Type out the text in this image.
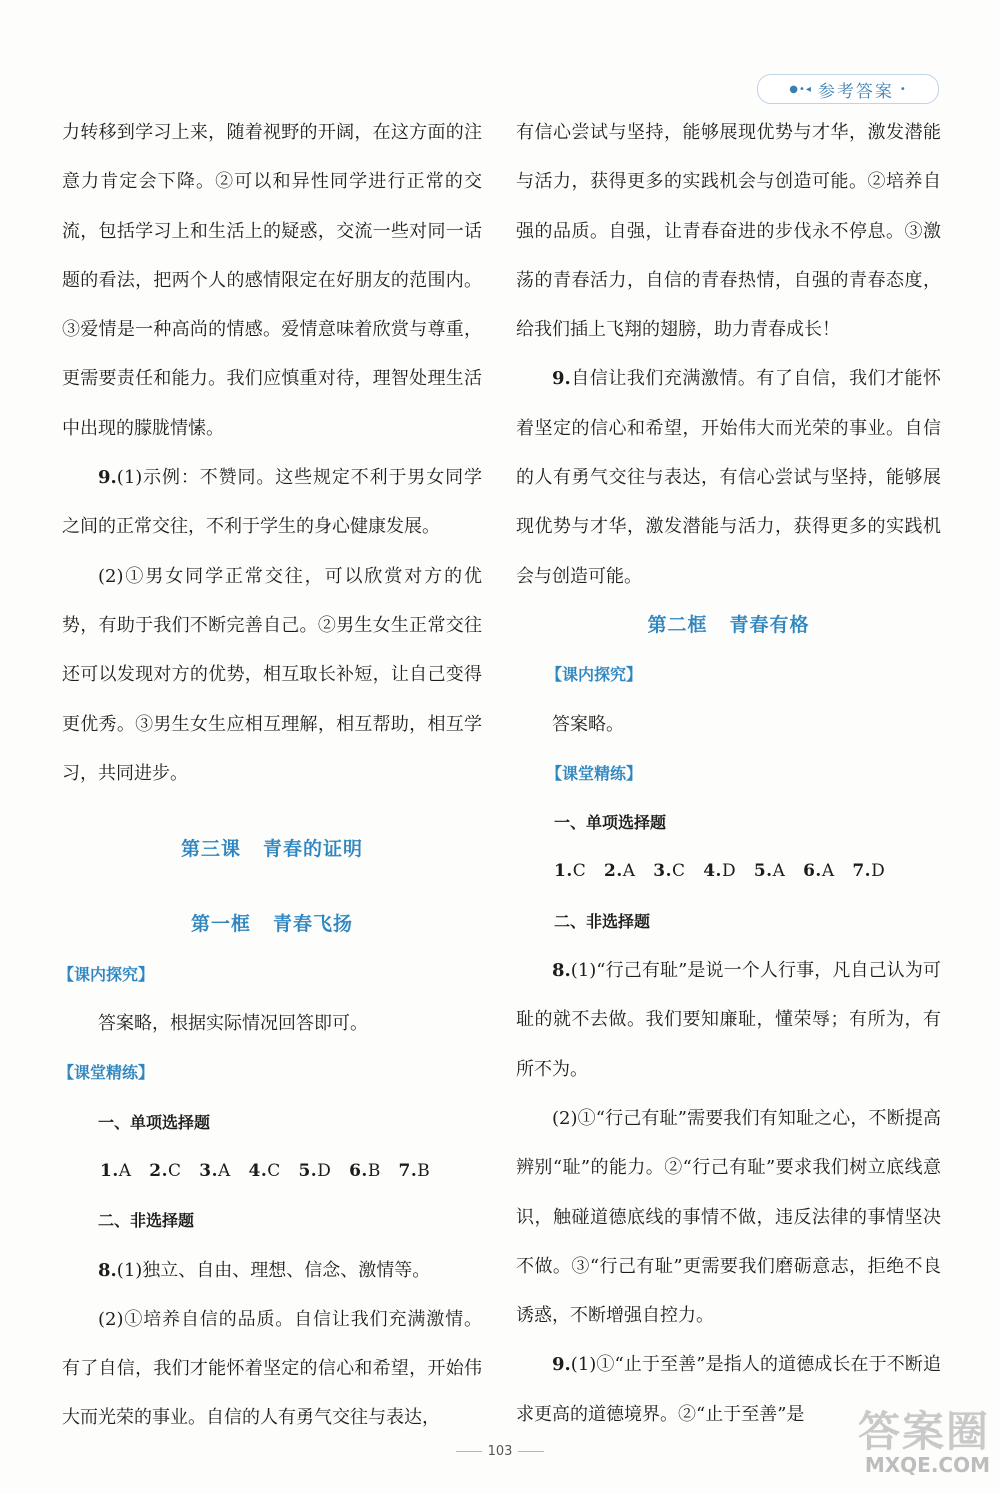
●•◂ 参考答案 •

力转移到学习上来，随着视野的开阔，在这方面的注意力肯定会下降。②可以和异性同学进行正常的交流，包括学习上和生活上的疑惑，交流一些对同一话题的看法，把两个人的感情限定在好朋友的范围内。③爱情是一种高尚的情感。爱情意味着欣赏与尊重，更需要责任和能力。我们应慎重对待，理智处理生活中出现的朦胧情愫。

9.(1)示例：不赞同。这些规定不利于男女同学之间的正常交往，不利于学生的身心健康发展。

(2)①男女同学正常交往，可以欣赏对方的优势，有助于我们不断完善自己。②男生女生正常交往还可以发现对方的优势，相互取长补短，让自己变得更优秀。③男生女生应相互理解，相互帮助，相互学习，共同进步。

第三课 青春的证明

第一框 青春飞扬

【课内探究】

答案略，根据实际情况回答即可。

【课堂精练】

一、单项选择题

1.A 2.C 3.A 4.C 5.D 6.B 7.B

二、非选择题

8.(1)独立、自由、理想、信念、激情等。

(2)①培养自信的品质。自信让我们充满激情。有了自信，我们才能怀着坚定的信心和希望，开始伟大而光荣的事业。自信的人有勇气交往与表达，

有信心尝试与坚持，能够展现优势与才华，激发潜能与活力，获得更多的实践机会与创造可能。②培养自强的品质。自强，让青春奋进的步伐永不停息。③激荡的青春活力，自信的青春热情，自强的青春态度，给我们插上飞翔的翅膀，助力青春成长！

9.自信让我们充满激情。有了自信，我们才能怀着坚定的信心和希望，开始伟大而光荣的事业。自信的人有勇气交往与表达，有信心尝试与坚持，能够展现优势与才华，激发潜能与活力，获得更多的实践机会与创造可能。

第二框 青春有格

【课内探究】

答案略。

【课堂精练】

一、单项选择题

1.C 2.A 3.C 4.D 5.A 6.A 7.D

二、非选择题

8.(1)“行己有耻”是说一个人行事，凡自己认为可耻的就不去做。我们要知廉耻，懂荣辱；有所为，有所不为。

(2)①“行己有耻”需要我们有知耻之心，不断提高辨别“耻”的能力。②“行己有耻”要求我们树立底线意识，触碰道德底线的事情不做，违反法律的事情坚决不做。③“行己有耻”更需要我们磨砺意志，拒绝不良诱惑，不断增强自控力。

9.(1)①“止于至善”是指人的道德成长在于不断追求更高的道德境界。②“止于至善”是

103	答案圈
MXQE.COM
